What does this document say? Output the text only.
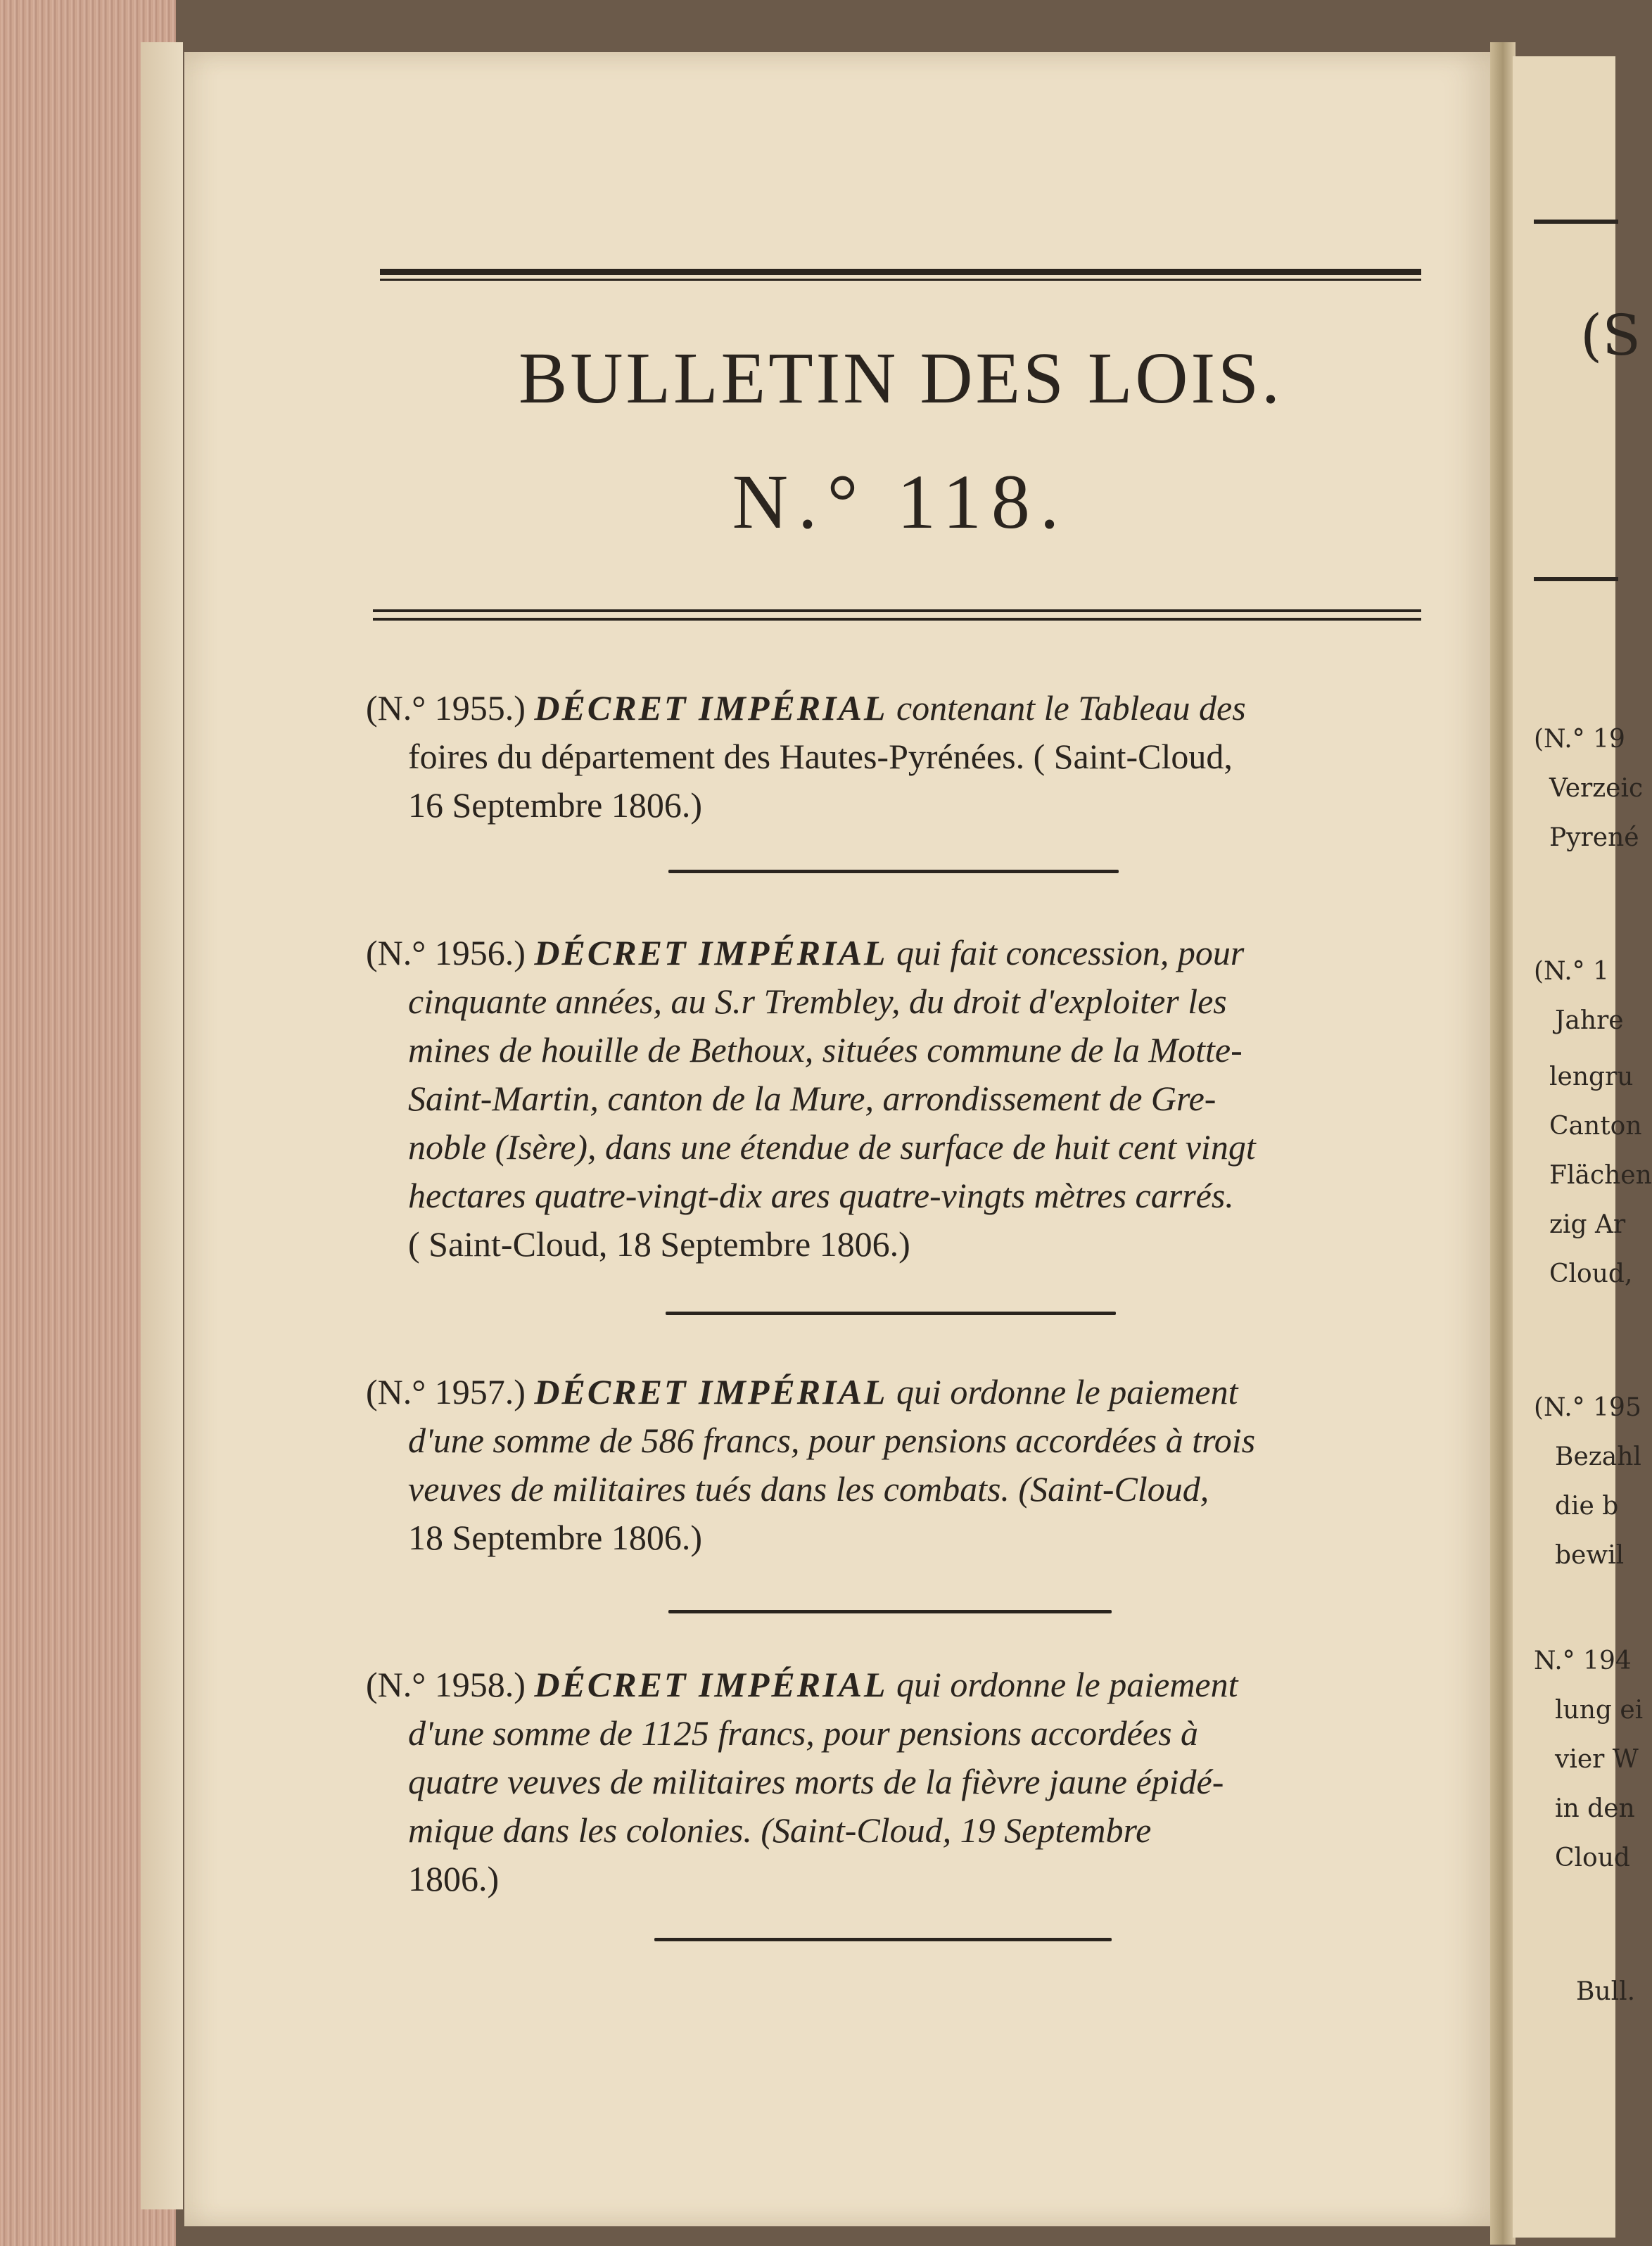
(S
(N.° 19
Verzeic
Pyrené
(N.° 1
Jahre
lengru
Canton
Flächen
zig Ar
Cloud,
(N.° 195
Bezahl
die b
bewil
N.° 194
lung ei
vier W
in den
Cloud
Bull.
BULLETIN DES LOIS.
N.° 118.
(N.° 1955.) DÉCRET IMPÉRIAL contenant le Tableau des
foires du département des Hautes-Pyrénées. ( Saint-Cloud,
16 Septembre 1806.)
(N.° 1956.) DÉCRET IMPÉRIAL qui fait concession, pour
cinquante années, au S.r Trembley, du droit d'exploiter les
mines de houille de Bethoux, situées commune de la Motte-
Saint-Martin, canton de la Mure, arrondissement de Gre-
noble (Isère), dans une étendue de surface de huit cent vingt
hectares quatre-vingt-dix ares quatre-vingts mètres carrés.
( Saint-Cloud, 18 Septembre 1806.)
(N.° 1957.) DÉCRET IMPÉRIAL qui ordonne le paiement
d'une somme de 586 francs, pour pensions accordées à trois
veuves de militaires tués dans les combats. (Saint-Cloud,
18 Septembre 1806.)
(N.° 1958.) DÉCRET IMPÉRIAL qui ordonne le paiement
d'une somme de 1125 francs, pour pensions accordées à
quatre veuves de militaires morts de la fièvre jaune épidé-
mique dans les colonies. (Saint-Cloud, 19 Septembre
1806.)
